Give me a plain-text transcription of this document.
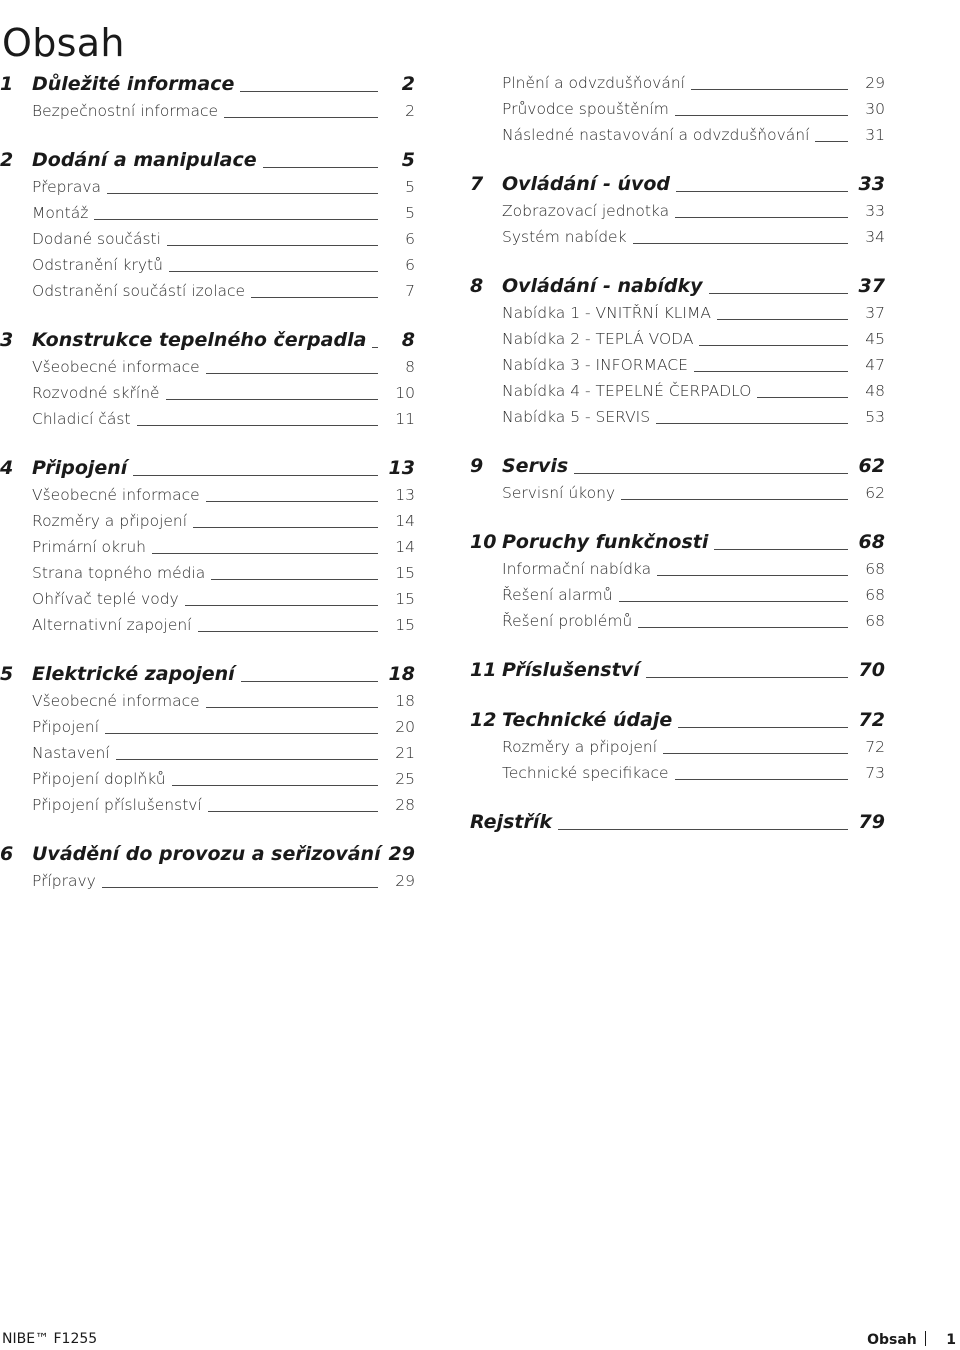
Obsah
1 Důležité informace	2
Bezpečnostní informace	2
2 Dodání a manipulace	5
Přeprava	5
Montáž	5
Dodané součásti	6
Odstranění krytů	6
Odstranění součástí izolace	7
3 Konstrukce tepelného čerpadla	8
Všeobecné informace	8
Rozvodné skříně	10
Chladicí část	11
4 Připojení	13
Všeobecné informace	13
Rozměry a připojení	14
Primární okruh	14
Strana topného média	15
Ohřívač teplé vody	15
Alternativní zapojení	15
5 Elektrické zapojení	18
Všeobecné informace	18
Připojení	20
Nastavení	21
Připojení doplňků	25
Připojení příslušenství	28
6 Uvádění do provozu a seřizování 29
Přípravy	29
Plnění a odvzdušňování	29
Průvodce spouštěním	30
Následné nastavování a odvzdušňování	31
7 Ovládání - úvod	33
Zobrazovací jednotka	33
Systém nabídek	34
8 Ovládání - nabídky	37
Nabídka 1 - VNITŘNÍ KLIMA	37
Nabídka 2 - TEPLÁ VODA	45
Nabídka 3 - INFORMACE	47
Nabídka 4 - TEPELNÉ ČERPADLO	48
Nabídka 5 - SERVIS	53
9 Servis	62
Servisní úkony	62
10 Poruchy funkčnosti	68
Informační nabídka	68
Řešení alarmů	68
Řešení problémů	68
11 Příslušenství	70
12 Technické údaje	72
Rozměry a připojení	72
Technické specifikace	73
Rejstřík	79
NIBE™ F1255	Obsah 1
